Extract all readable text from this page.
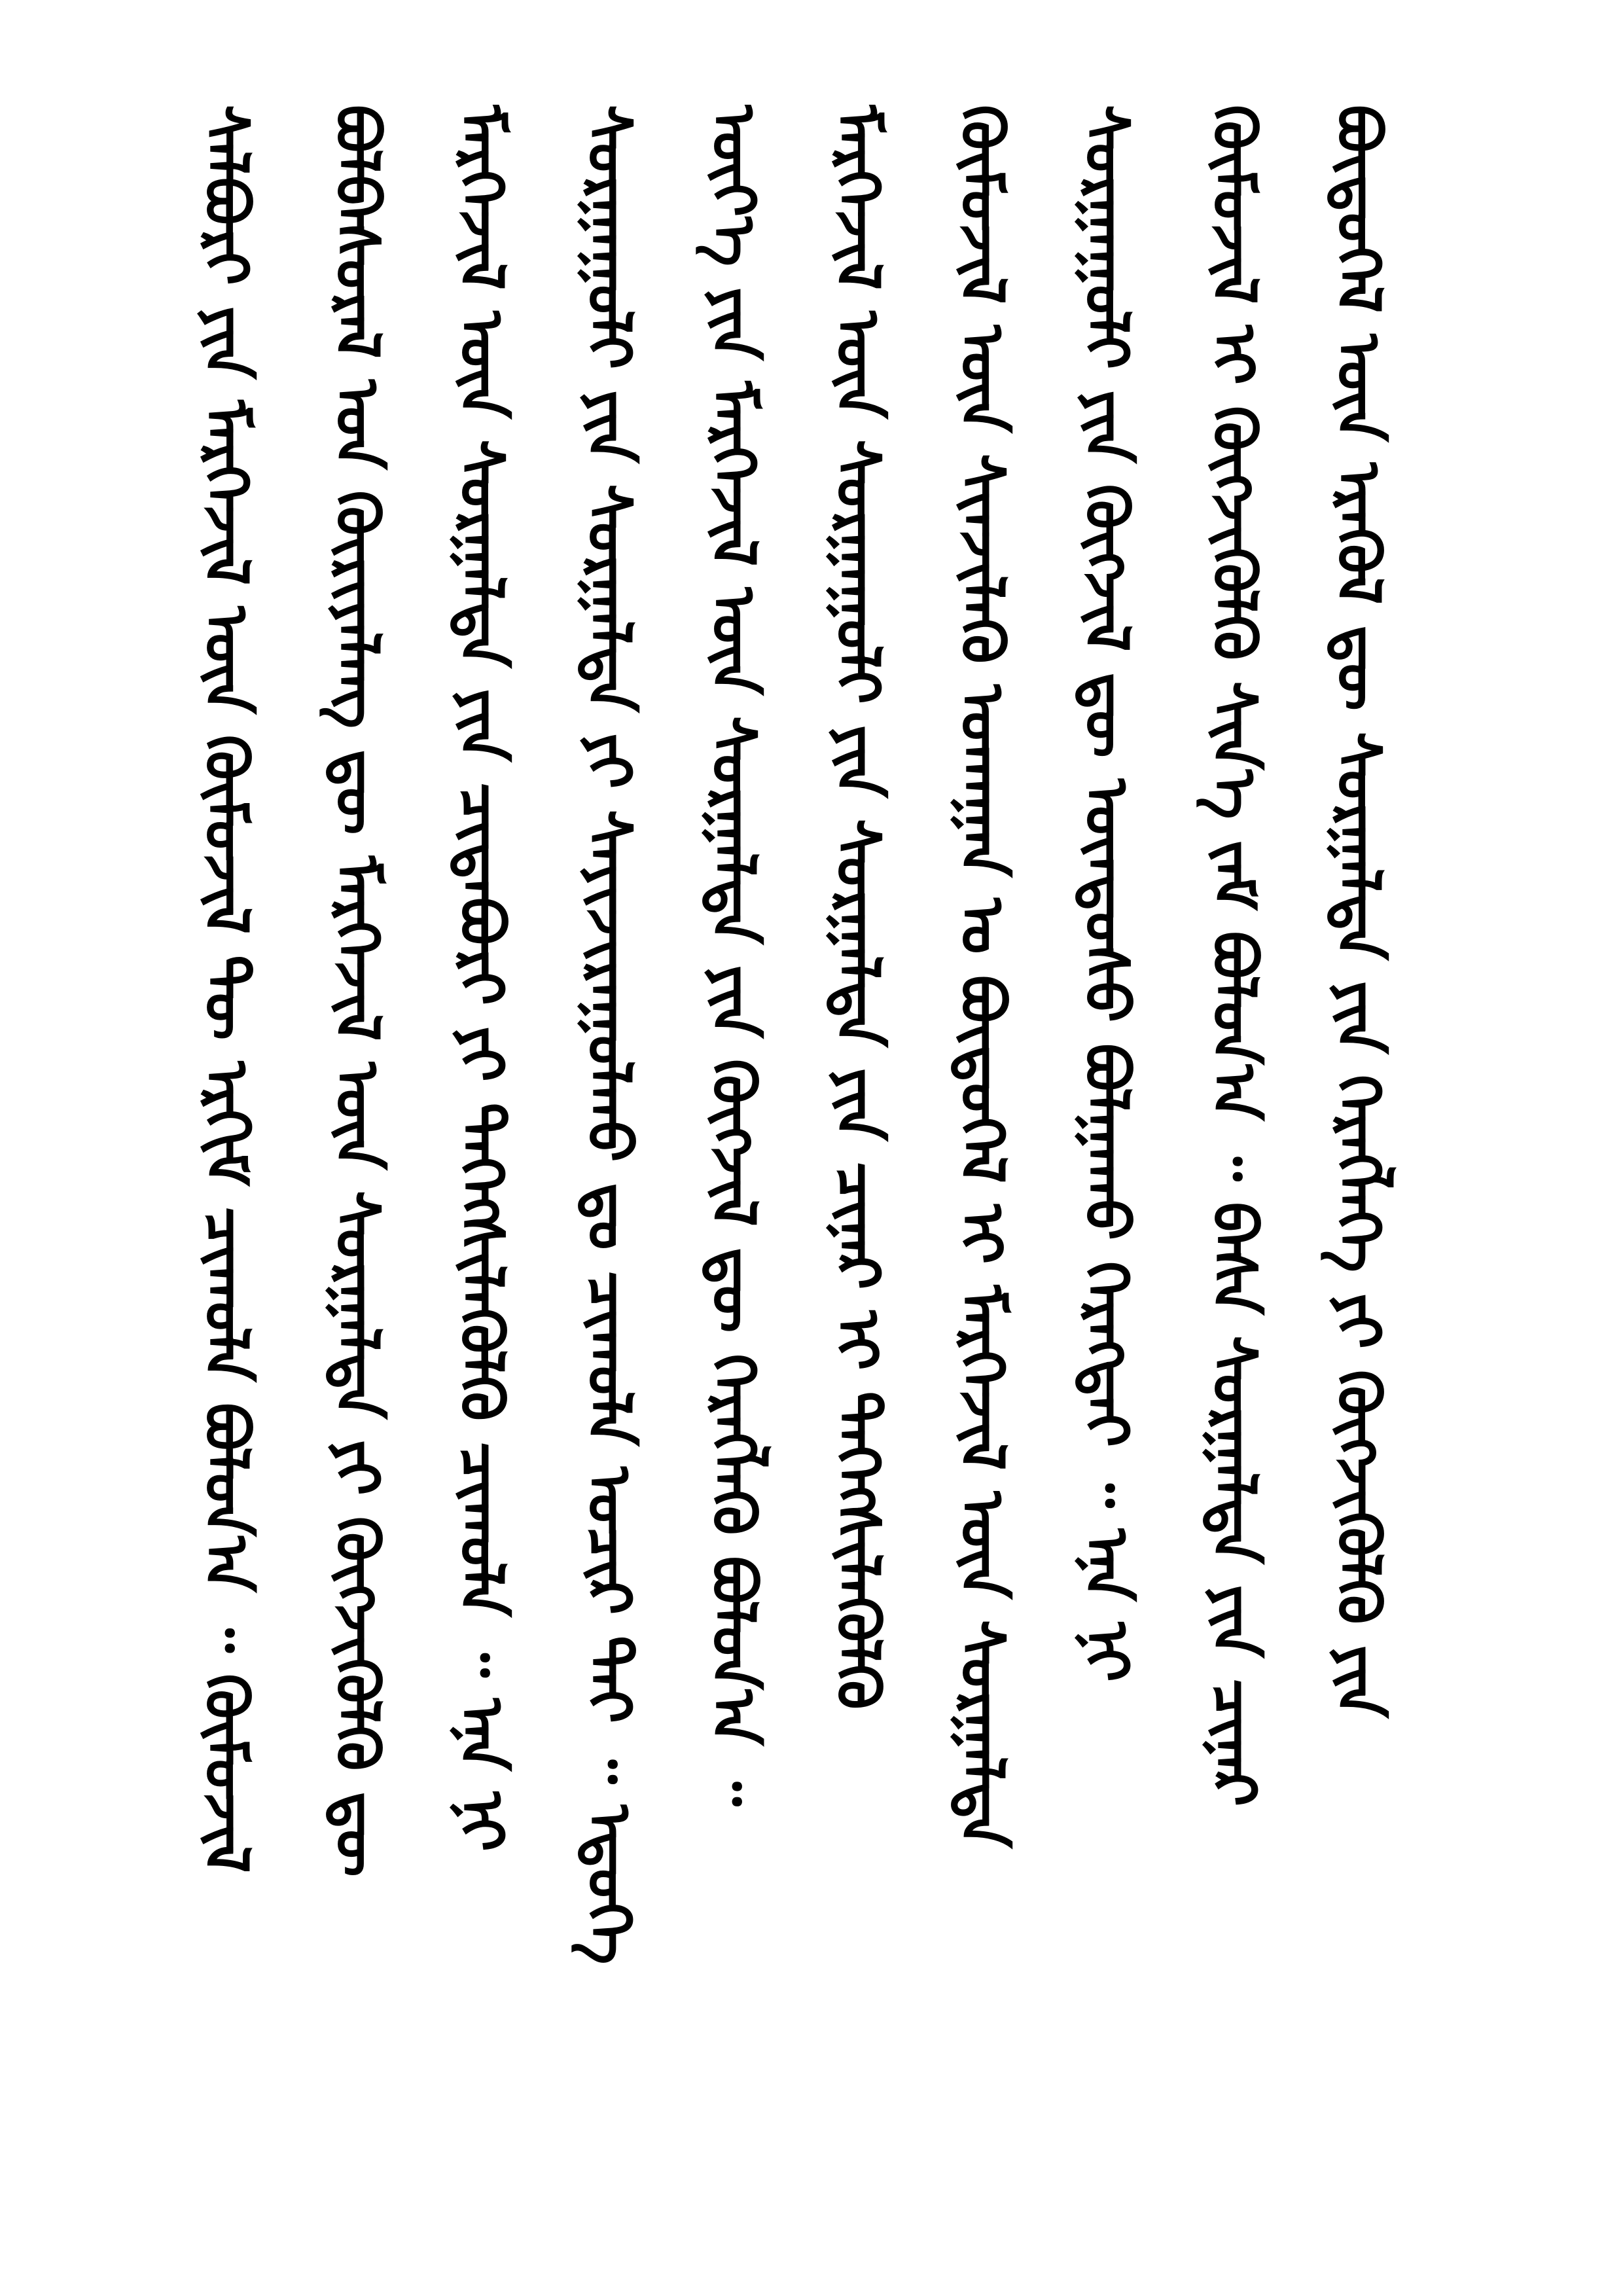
ᠰᠠᠯᠪᠤᠷᠢ ᠶᠢᠨ ᠮᠡᠷᠭᠡᠵᠢᠯ ᠦᠨ ᠬᠦᠮᠦᠵᠢᠯ ᠲᠦ ᠡᠷᠬᠢᠮ ᠴᠢᠬᠤᠯᠠ ᠪᠣᠯᠣᠨ᠎ᠠ ᠃ ᠬᠦᠮᠦᠵᠢᠯ ᠪᠣᠯᠪᠠᠰᠤᠷᠠᠯ ᠤᠨ ᠬᠦᠷᠢᠶᠡᠯᠡᠩ ᠳᠦ ᠮᠡᠷᠭᠡᠵᠢᠯ ᠦᠨ ᠰᠤᠷᠭᠠᠯᠲᠠ ᠶᠢ ᠬᠥᠭᠵᠢᠭᠦᠯᠬᠦ ᠳᠦ ᠮᠡᠷᠭᠡᠵᠢᠯ ᠦᠨ ᠰᠤᠷᠭᠠᠯᠲᠠ ᠶᠢᠨ ᠴᠢᠳᠠᠪᠤᠷᠢ ᠶᠢ ᠳᠡᠭᠡᠭᠰᠢᠯᠡᠭᠦᠯᠬᠦ ᠴᠢᠬᠤᠯᠠ ᠃ ᠡᠨᠡ ᠨᠢ ᠰᠤᠷᠭᠠᠭᠤᠯᠢ ᠶᠢᠨ ᠰᠤᠷᠭᠠᠯᠲᠠ ᠶᠢ ᠰᠠᠶᠢᠵᠢᠷᠠᠭᠤᠯᠬᠤ ᠳᠤ ᠴᠢᠬᠤᠯᠠ ᠤᠴᠢᠷ ᠲᠠᠢ ᠃ ᠡᠳᠦᠭᠡ ᠦᠶ᠎ᠡ ᠶᠢᠨ ᠮᠡᠷᠭᠡᠵᠢᠯ ᠦᠨ ᠰᠤᠷᠭᠠᠯᠲᠠ ᠶᠢᠨ ᠬᠥᠭᠵᠢᠯ ᠳᠦ ᠬᠡᠷᠡᠭᠯᠡᠬᠦ ᠪᠣᠯᠤᠨ᠎ᠠ ᠃ ᠮᠡᠷᠭᠡᠵᠢᠯ ᠦᠨ ᠰᠤᠷᠭᠠᠭᠤᠯᠢ ᠶᠢᠨ ᠰᠤᠷᠭᠠᠯᠲᠠ ᠶᠢᠨ ᠴᠢᠨᠠᠷ ᠢ ᠳᠡᠭᠡᠭᠰᠢᠯᠡᠭᠦᠯᠬᠦ ᠬᠦᠮᠦᠵᠢᠯ ᠦᠨ ᠰᠢᠨᠵᠢᠯᠡᠬᠦ ᠤᠬᠠᠭᠠᠨ ᠤ ᠪᠦᠲᠦᠭᠡᠯ ᠢ ᠮᠡᠷᠭᠡᠵᠢᠯ ᠦᠨ ᠰᠤᠷᠭᠠᠯᠲᠠ ᠰᠤᠷᠭᠠᠭᠤᠯᠢ ᠶᠢᠨ ᠬᠥᠭᠵᠢᠯ ᠳᠦ ᠦᠨᠳᠦᠰᠦ ᠪᠣᠯᠭᠠᠬᠤ ᠬᠡᠷᠡᠭᠲᠡᠢ ᠃ ᠡᠨᠡ ᠨᠢ ᠬᠦᠮᠦᠵᠢᠯ ᠢ ᠬᠥᠭᠵᠢᠭᠦᠯᠬᠦ ᠰᠢᠨ᠎ᠡ ᠵᠠᠮ ᠪᠣᠯᠤᠨ᠎ᠠ ᠃ ᠪᠠᠰᠠ ᠰᠤᠷᠭᠠᠯᠲᠠ ᠶᠢᠨ ᠴᠢᠨᠠᠷ ᠪᠦᠲᠦᠭᠡᠯ ᠦᠨ ᠡᠷᠡᠭᠦᠯ ᠳᠦ ᠰᠤᠷᠭᠠᠯᠲᠠ ᠶᠢᠨ ᠬᠡᠷᠡᠭᠯᠡᠭᠡ ᠶᠢ ᠬᠥᠭᠵᠢᠭᠦᠯᠬᠦ ᠶᠢᠨ
